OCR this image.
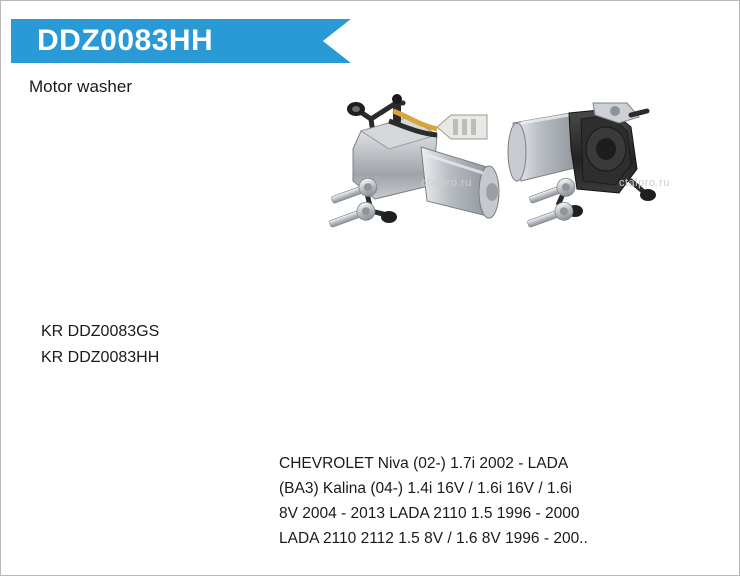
DDZ0083HH
Motor washer
ctalpro.ru	ctalpro.ru
KR DDZ0083GS
KR DDZ0083HH
CHEVROLET Niva (02-) 1.7i 2002 - LADA
(BA3) Kalina (04-) 1.4i 16V / 1.6i 16V / 1.6i
8V 2004 - 2013 LADA 2110 1.5 1996 - 2000
LADA 2110 2112 1.5 8V / 1.6 8V 1996 - 200..
